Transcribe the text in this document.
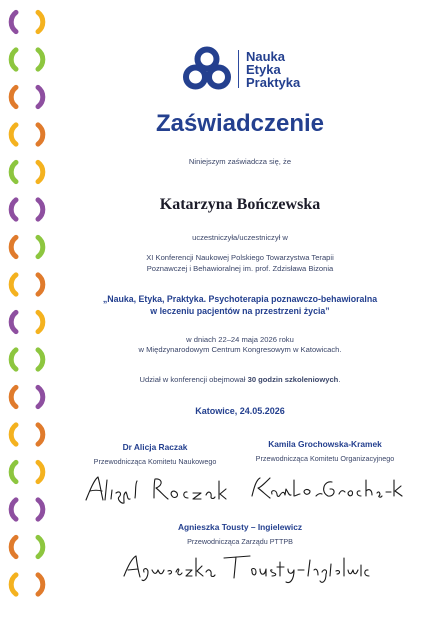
Nauka
Etyka
Praktyka
Zaświadczenie
Niniejszym zaświadcza się, że
Katarzyna Bończewska
uczestniczyła/uczestniczył w
XI Konferencji Naukowej Polskiego Towarzystwa Terapii
Poznawczej i Behawioralnej im. prof. Zdzisława Bizonia
„Nauka, Etyka, Praktyka. Psychoterapia poznawczo-behawioralna
w leczeniu pacjentów na przestrzeni życia”
w dniach 22–24 maja 2026 roku
w Międzynarodowym Centrum Kongresowym w Katowicach.
Udział w konferencji obejmował 30 godzin szkoleniowych.
Katowice, 24.05.2026
Dr Alicja Raczak
Przewodnicząca Komitetu Naukowego
Kamila Grochowska-Kramek
Przewodnicząca Komitetu Organizacyjnego
Agnieszka Tousty – Ingielewicz
Przewodnicząca Zarządu PTTPB
